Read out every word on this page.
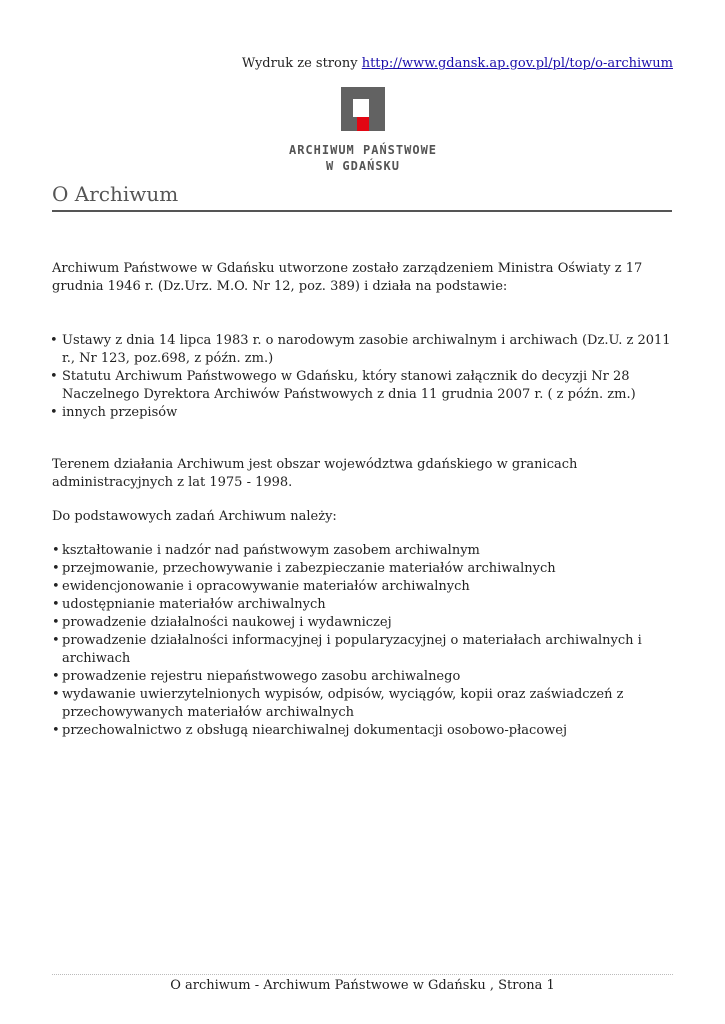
Wydruk ze strony http://www.gdansk.ap.gov.pl/pl/top/o-archiwum
ARCHIWUM PAŃSTWOWE
W GDAŃSKU
O Archiwum

Archiwum Państwowe w Gdańsku utworzone zostało zarządzeniem Ministra Oświaty z 17 grudnia 1946 r. (Dz.Urz. M.O. Nr 12, poz. 389) i działa na podstawie:

• Ustawy z dnia 14 lipca 1983 r. o narodowym zasobie archiwalnym i archiwach (Dz.U. z 2011 r., Nr 123, poz.698, z późn. zm.)
• Statutu Archiwum Państwowego w Gdańsku, który stanowi załącznik do decyzji Nr 28 Naczelnego Dyrektora Archiwów Państwowych z dnia 11 grudnia 2007 r. ( z późn. zm.)
• innych przepisów

Terenem działania Archiwum jest obszar województwa gdańskiego w granicach administracyjnych z lat 1975 - 1998.

Do podstawowych zadań Archiwum należy:

• kształtowanie i nadzór nad państwowym zasobem archiwalnym
• przejmowanie, przechowywanie i zabezpieczanie materiałów archiwalnych
• ewidencjonowanie i opracowywanie materiałów archiwalnych
• udostępnianie materiałów archiwalnych
• prowadzenie działalności naukowej i wydawniczej
• prowadzenie działalności informacyjnej i popularyzacyjnej o materiałach archiwalnych i archiwach
• prowadzenie rejestru niepaństwowego zasobu archiwalnego
• wydawanie uwierzytelnionych wypisów, odpisów, wyciągów, kopii oraz zaświadczeń z przechowywanych materiałów archiwalnych
• przechowalnictwo z obsługą niearchiwalnej dokumentacji osobowo-płacowej
O archiwum - Archiwum Państwowe w Gdańsku , Strona 1
